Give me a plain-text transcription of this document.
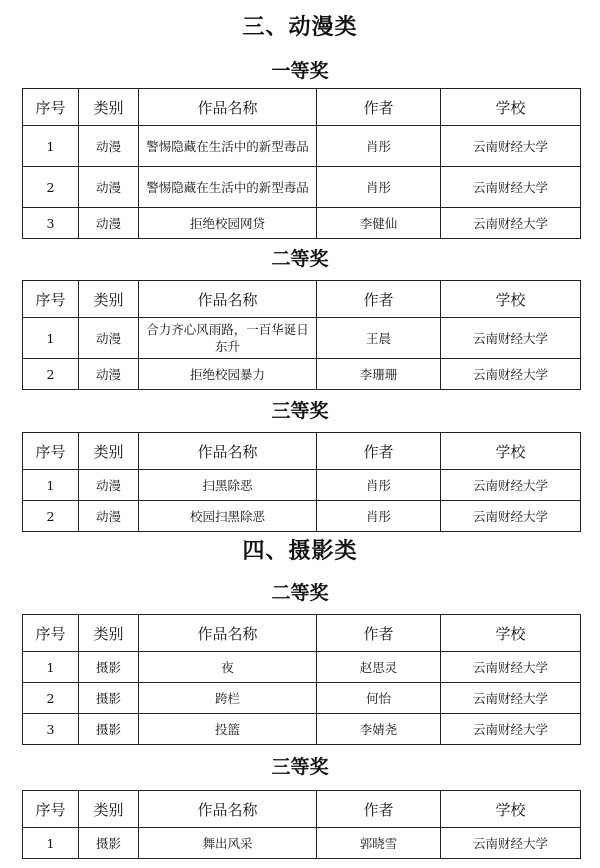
三、动漫类
一等奖
序号	类别	作品名称	作者	学校
1	动漫	警惕隐藏在生活中的新型毒品	肖彤	云南财经大学
2	动漫	警惕隐藏在生活中的新型毒品	肖彤	云南财经大学
3	动漫	拒绝校园网贷	李健仙	云南财经大学
二等奖
序号	类别	作品名称	作者	学校
1	动漫	合力齐心风雨路，一百华诞日东升	王晨	云南财经大学
2	动漫	拒绝校园暴力	李珊珊	云南财经大学
三等奖
序号	类别	作品名称	作者	学校
1	动漫	扫黑除恶	肖彤	云南财经大学
2	动漫	校园扫黑除恶	肖彤	云南财经大学
四、摄影类
二等奖
序号	类别	作品名称	作者	学校
1	摄影	夜	赵思灵	云南财经大学
2	摄影	跨栏	何怡	云南财经大学
3	摄影	投篮	李婧尧	云南财经大学
三等奖
序号	类别	作品名称	作者	学校
1	摄影	舞出风采	郭晓雪	云南财经大学
